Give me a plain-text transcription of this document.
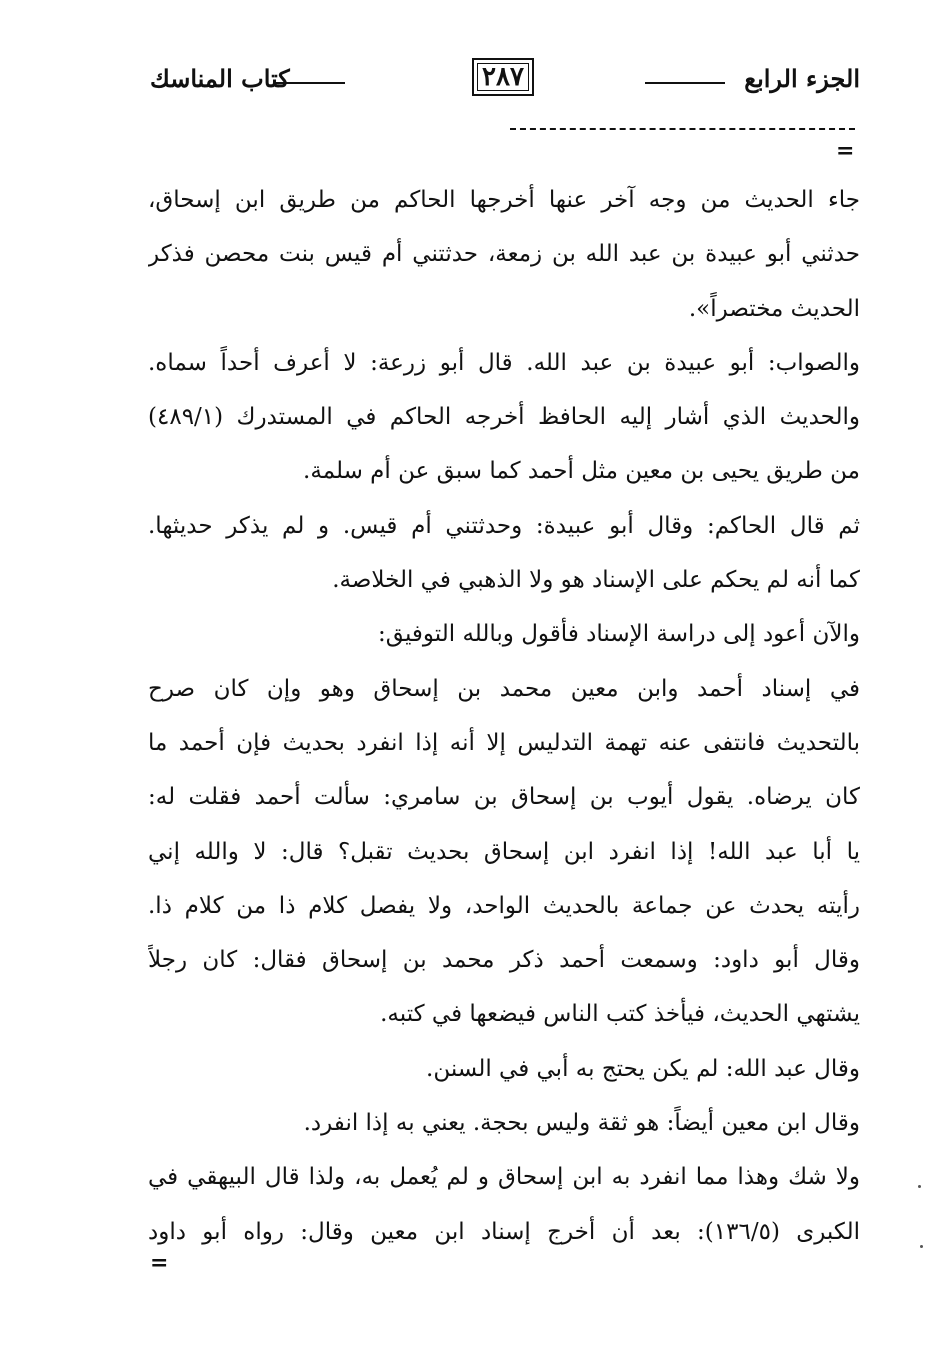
الجزء الرابع
٢٨٧
كتاب المناسك
=
جاء الحديث من وجه آخر عنها أخرجها الحاكم من طريق ابن إسحاق،
حدثني أبو عبيدة بن عبد الله بن زمعة، حدثتني أم قيس بنت محصن فذكر
الحديث مختصراً».
والصواب: أبو عبيدة بن عبد الله. قال أبو زرعة: لا أعرف أحداً سماه.
والحديث الذي أشار إليه الحافظ أخرجه الحاكم في المستدرك (٤٨٩/١)
من طريق يحيى بن معين مثل أحمد كما سبق عن أم سلمة.
ثم قال الحاكم: وقال أبو عبيدة: وحدثتني أم قيس. و لم يذكر حديثها.
كما أنه لم يحكم على الإسناد هو ولا الذهبي في الخلاصة.
والآن أعود إلى دراسة الإسناد فأقول وبالله التوفيق:
في إسناد أحمد وابن معين محمد بن إسحاق وهو وإن كان صرح
بالتحديث فانتفى عنه تهمة التدليس إلا أنه إذا انفرد بحديث فإن أحمد ما
كان يرضاه. يقول أيوب بن إسحاق بن سامري: سألت أحمد فقلت له:
يا أبا عبد الله! إذا انفرد ابن إسحاق بحديث تقبل؟ قال: لا والله إني
رأيته يحدث عن جماعة بالحديث الواحد، ولا يفصل كلام ذا من كلام ذا.
وقال أبو داود: وسمعت أحمد ذكر محمد بن إسحاق فقال: كان رجلاً
يشتهي الحديث، فيأخذ كتب الناس فيضعها في كتبه.
وقال عبد الله: لم يكن يحتج به أبي في السنن.
وقال ابن معين أيضاً: هو ثقة وليس بحجة. يعني به إذا انفرد.
ولا شك وهذا مما انفرد به ابن إسحاق و لم يُعمل به، ولذا قال البيهقي في
الكبرى (١٣٦/٥): بعد أن أخرج إسناد ابن معين وقال: رواه أبو داود
=
